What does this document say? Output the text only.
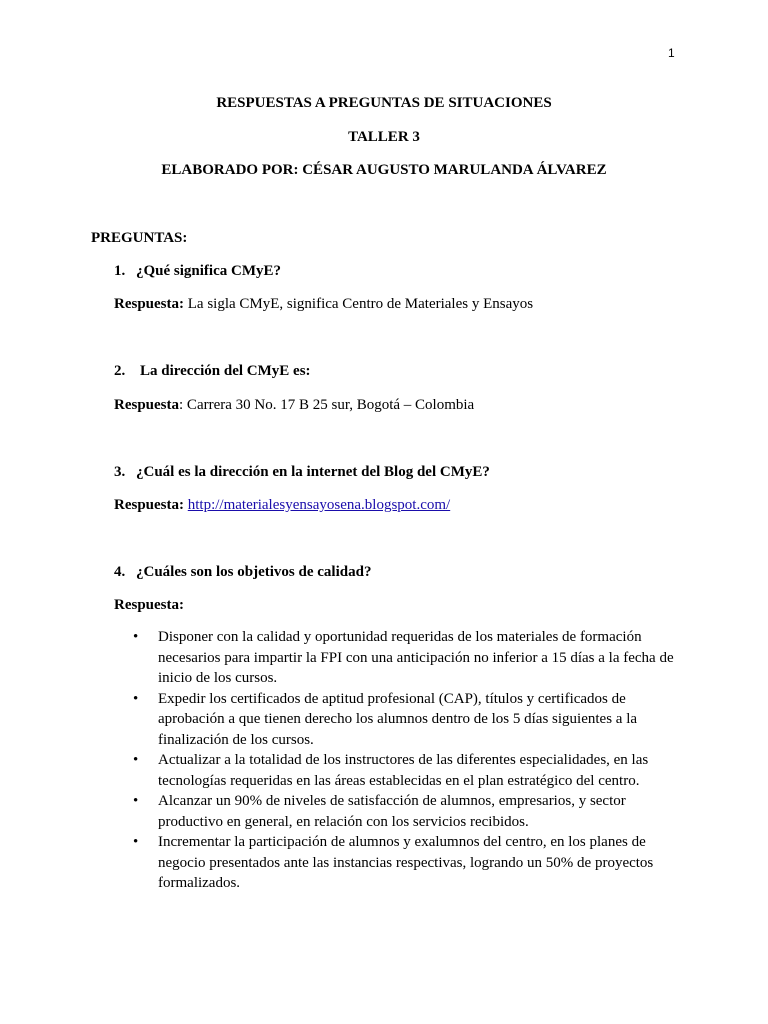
1
RESPUESTAS A PREGUNTAS DE SITUACIONES
TALLER 3
ELABORADO POR: CÉSAR AUGUSTO MARULANDA ÁLVAREZ
PREGUNTAS:
1. ¿Qué significa CMyE?
Respuesta: La sigla CMyE, significa Centro de Materiales y Ensayos
2. La dirección del CMyE es:
Respuesta: Carrera 30 No. 17 B 25 sur, Bogotá – Colombia
3. ¿Cuál es la dirección en la internet del Blog del CMyE?
Respuesta: http://materialesyensayosena.blogspot.com/
4. ¿Cuáles son los objetivos de calidad?
Respuesta:
• Disponer con la calidad y oportunidad requeridas de los materiales de formación
necesarios para impartir la FPI con una anticipación no inferior a 15 días a la fecha de
inicio de los cursos.
• Expedir los certificados de aptitud profesional (CAP), títulos y certificados de
aprobación a que tienen derecho los alumnos dentro de los 5 días siguientes a la
finalización de los cursos.
• Actualizar a la totalidad de los instructores de las diferentes especialidades, en las
tecnologías requeridas en las áreas establecidas en el plan estratégico del centro.
• Alcanzar un 90% de niveles de satisfacción de alumnos, empresarios, y sector
productivo en general, en relación con los servicios recibidos.
• Incrementar la participación de alumnos y exalumnos del centro, en los planes de
negocio presentados ante las instancias respectivas, logrando un 50% de proyectos
formalizados.
